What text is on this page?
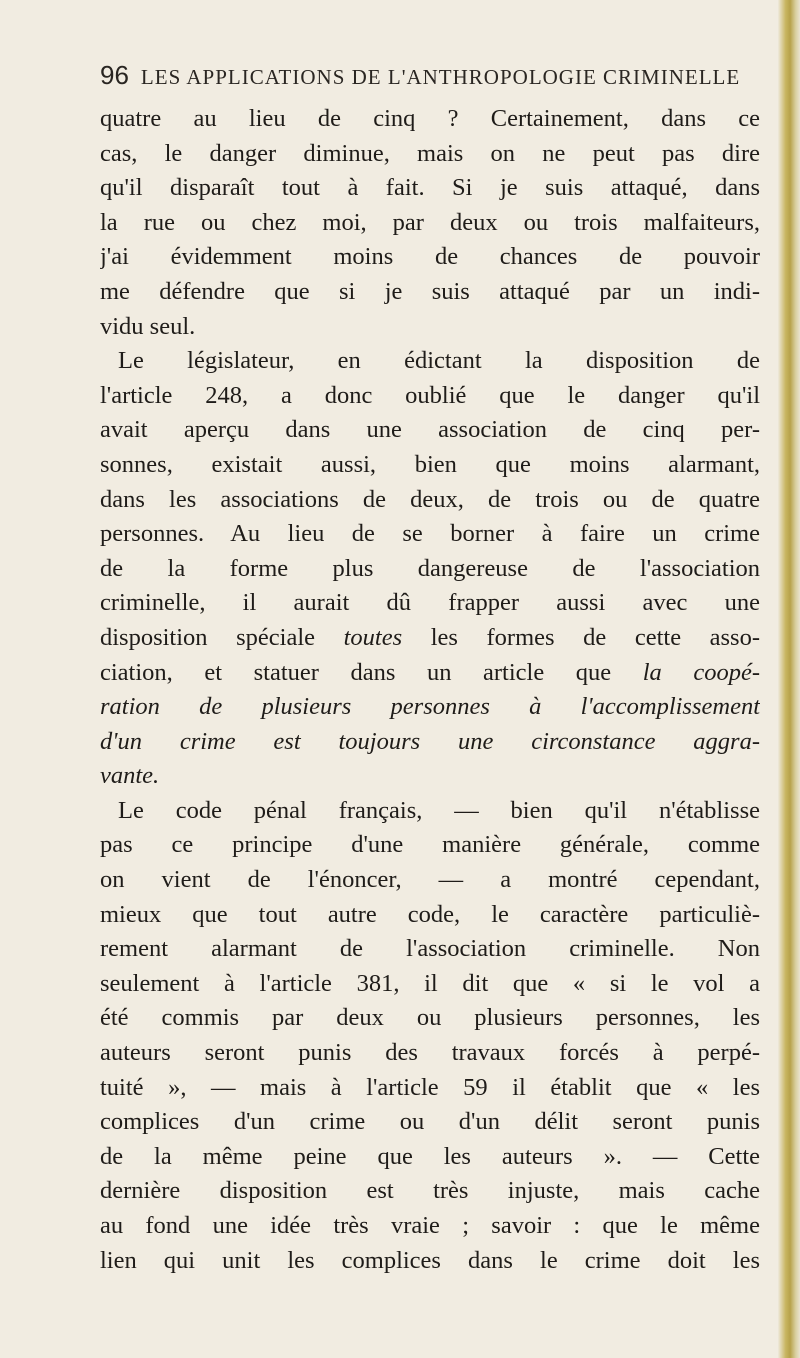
96 LES APPLICATIONS DE L'ANTHROPOLOGIE CRIMINELLE
quatre au lieu de cinq ? Certainement, dans ce
cas, le danger diminue, mais on ne peut pas dire
qu'il disparaît tout à fait. Si je suis attaqué, dans
la rue ou chez moi, par deux ou trois malfaiteurs,
j'ai évidemment moins de chances de pouvoir
me défendre que si je suis attaqué par un indi-
vidu seul.
Le législateur, en édictant la disposition de
l'article 248, a donc oublié que le danger qu'il
avait aperçu dans une association de cinq per-
sonnes, existait aussi, bien que moins alarmant,
dans les associations de deux, de trois ou de quatre
personnes. Au lieu de se borner à faire un crime
de la forme plus dangereuse de l'association
criminelle, il aurait dû frapper aussi avec une
disposition spéciale toutes les formes de cette asso-
ciation, et statuer dans un article que la coopé-
ration de plusieurs personnes à l'accomplissement
d'un crime est toujours une circonstance aggra-
vante.
Le code pénal français, — bien qu'il n'établisse
pas ce principe d'une manière générale, comme
on vient de l'énoncer, — a montré cependant,
mieux que tout autre code, le caractère particuliè-
rement alarmant de l'association criminelle. Non
seulement à l'article 381, il dit que « si le vol a
été commis par deux ou plusieurs personnes, les
auteurs seront punis des travaux forcés à perpé-
tuité », — mais à l'article 59 il établit que « les
complices d'un crime ou d'un délit seront punis
de la même peine que les auteurs ». — Cette
dernière disposition est très injuste, mais cache
au fond une idée très vraie ; savoir : que le même
lien qui unit les complices dans le crime doit les
